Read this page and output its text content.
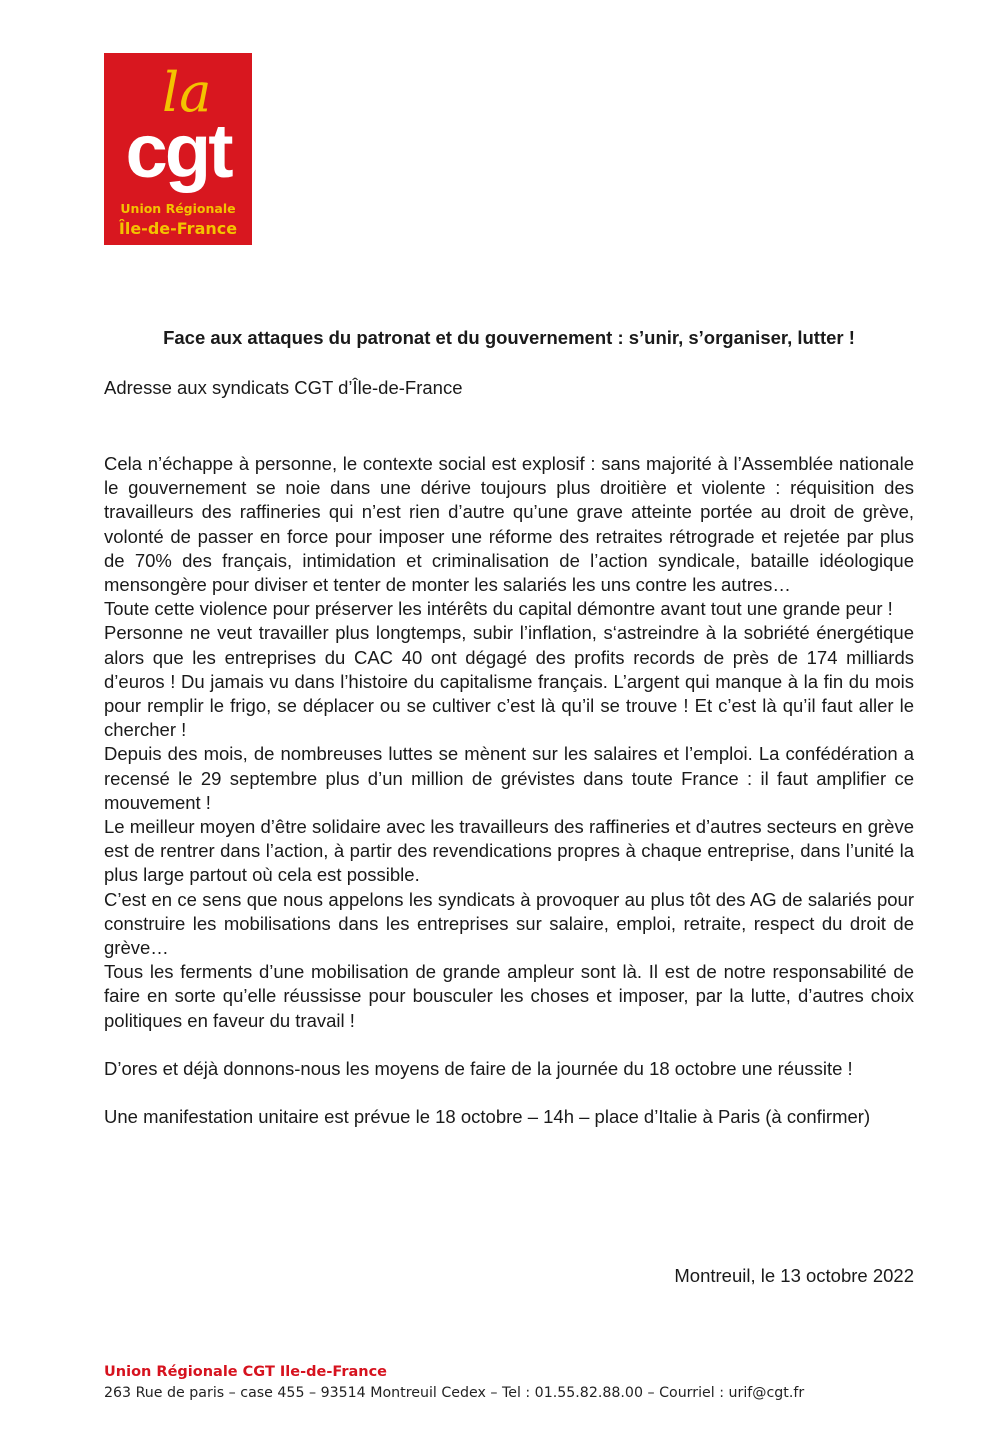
la
cgt
Union Régionale
Île-de-France
Face aux attaques du patronat et du gouvernement : s’unir, s’organiser, lutter !

Adresse aux syndicats CGT d’Île-de-France

Cela n’échappe à personne, le contexte social est explosif : sans majorité à l’Assemblée nationale le gouvernement se noie dans une dérive toujours plus droitière et violente : réquisition des travailleurs des raffineries qui n’est rien d’autre qu’une grave atteinte portée au droit de grève, volonté de passer en force pour imposer une réforme des retraites rétrograde et rejetée par plus de 70% des français, intimidation et criminalisation de l’action syndicale, bataille idéologique mensongère pour diviser et tenter de monter les salariés les uns contre les autres…

Toute cette violence pour préserver les intérêts du capital démontre avant tout une grande peur !

Personne ne veut travailler plus longtemps, subir l’inflation, s‘astreindre à la sobriété énergétique alors que les entreprises du CAC 40 ont dégagé des profits records de près de 174 milliards d’euros ! Du jamais vu dans l’histoire du capitalisme français. L’argent qui manque à la fin du mois pour remplir le frigo, se déplacer ou se cultiver c’est là qu’il se trouve ! Et c’est là qu’il faut aller le chercher !

Depuis des mois, de nombreuses luttes se mènent sur les salaires et l’emploi. La confédération a recensé le 29 septembre plus d’un million de grévistes dans toute France : il faut amplifier ce mouvement !

Le meilleur moyen d’être solidaire avec les travailleurs des raffineries et d’autres secteurs en grève est de rentrer dans l’action, à partir des revendications propres à chaque entreprise, dans l’unité la plus large partout où cela est possible.

C’est en ce sens que nous appelons les syndicats à provoquer au plus tôt des AG de salariés pour construire les mobilisations dans les entreprises sur salaire, emploi, retraite, respect du droit de grève…

Tous les ferments d’une mobilisation de grande ampleur sont là. Il est de notre responsabilité de faire en sorte qu’elle réussisse pour bousculer les choses et imposer, par la lutte, d’autres choix politiques en faveur du travail !

D’ores et déjà donnons-nous les moyens de faire de la journée du 18 octobre une réussite !

Une manifestation unitaire est prévue le 18 octobre – 14h – place d’Italie à Paris (à confirmer)

Montreuil, le 13 octobre 2022

Union Régionale CGT Ile-de-France
263 Rue de paris – case 455 – 93514 Montreuil Cedex – Tel : 01.55.82.88.00 – Courriel : urif@cgt.fr
